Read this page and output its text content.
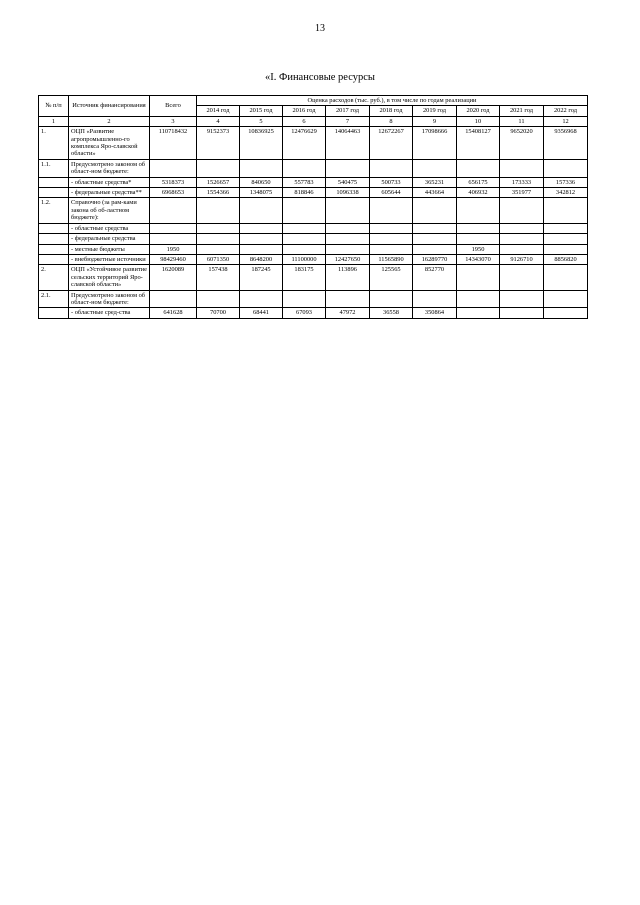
13
«I. Финансовые ресурсы
№ п/п	Источник финансирования	Всего	Оценка расходов (тыс. руб.), в том числе по годам реализации								
			2014 год	2015 год	2016 год	2017 год	2018 год	2019 год	2020 год	2021 год	2022 год
1	2	3	4	5	6	7	8	9	10	11	12
1.	ОЦП «Развитие агропромышленно-го комплекса Яро-славской области»	110718432	9152373	10836925	12476629	14064463	12672267	17098666	15408127	9652020	9356968
1.1.	Предусмотрено законом об област-ном бюджете:										
	- областные средства*	5318373	1526657	840650	557783	540475	500733	365231	656175	173333	157336
	- федеральные средства**	6968653	1554366	1348075	818846	1096338	605644	443664	406932	351977	342812
1.2.	Справочно (за рам-ками закона об об-ластном бюджете):										
	- областные средства										
	- федеральные средства										
	- местные бюджеты	1950							1950		
	- внебюджетные источники	98429460	6071350	8648200	11100000	12427650	11565890	16289770	14343070	9126710	8856820
2.	ОЦП «Устойчивое развитие сельских территорий Яро-славской области»	1620089	157438	187245	183175	113896	125565	852770			
2.1.	Предусмотрено законом об област-ном бюджете:										
	- областные сред-ства	641628	70700	68441	67093	47972	36558	350864			
